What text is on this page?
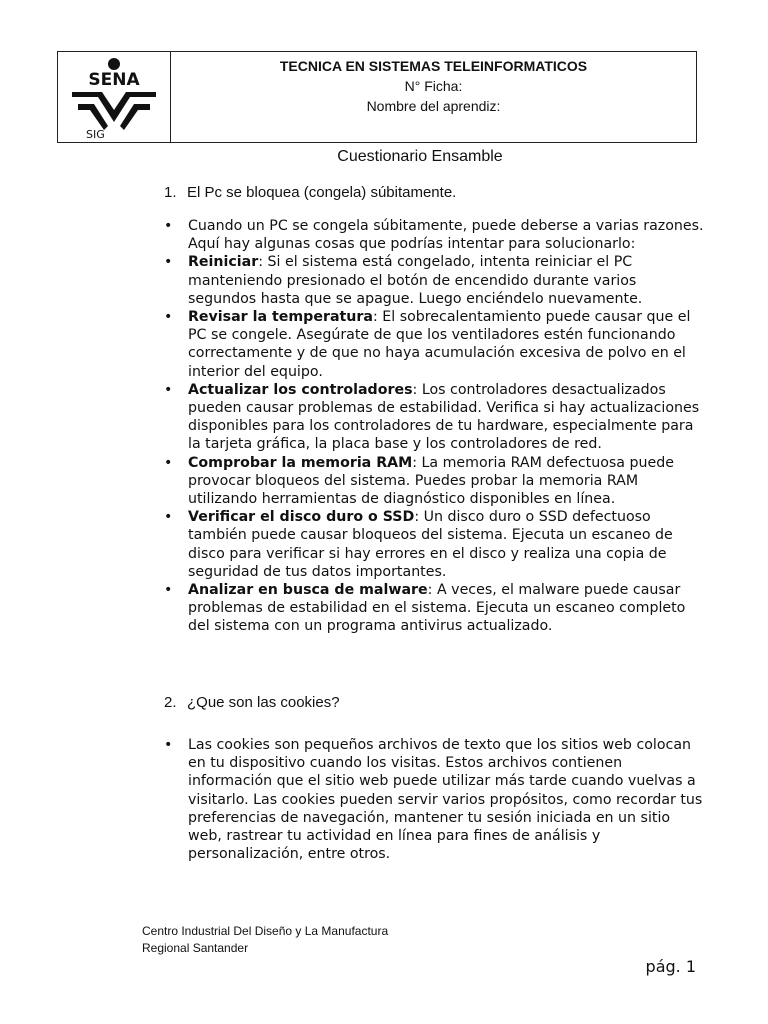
SENA
SIG

TECNICA EN SISTEMAS TELEINFORMATICOS
N° Ficha:
Nombre del aprendiz:
Cuestionario Ensamble
1. El Pc se bloquea (congela) súbitamente.
• Cuando un PC se congela súbitamente, puede deberse a varias razones. Aquí hay algunas cosas que podrías intentar para solucionarlo:
• Reiniciar: Si el sistema está congelado, intenta reiniciar el PC manteniendo presionado el botón de encendido durante varios segundos hasta que se apague. Luego enciéndelo nuevamente.
• Revisar la temperatura: El sobrecalentamiento puede causar que el PC se congele. Asegúrate de que los ventiladores estén funcionando correctamente y de que no haya acumulación excesiva de polvo en el interior del equipo.
• Actualizar los controladores: Los controladores desactualizados pueden causar problemas de estabilidad. Verifica si hay actualizaciones disponibles para los controladores de tu hardware, especialmente para la tarjeta gráfica, la placa base y los controladores de red.
• Comprobar la memoria RAM: La memoria RAM defectuosa puede provocar bloqueos del sistema. Puedes probar la memoria RAM utilizando herramientas de diagnóstico disponibles en línea.
• Verificar el disco duro o SSD: Un disco duro o SSD defectuoso también puede causar bloqueos del sistema. Ejecuta un escaneo de disco para verificar si hay errores en el disco y realiza una copia de seguridad de tus datos importantes.
• Analizar en busca de malware: A veces, el malware puede causar problemas de estabilidad en el sistema. Ejecuta un escaneo completo del sistema con un programa antivirus actualizado.
2. ¿Que son las cookies?
• Las cookies son pequeños archivos de texto que los sitios web colocan en tu dispositivo cuando los visitas. Estos archivos contienen información que el sitio web puede utilizar más tarde cuando vuelvas a visitarlo. Las cookies pueden servir varios propósitos, como recordar tus preferencias de navegación, mantener tu sesión iniciada en un sitio web, rastrear tu actividad en línea para fines de análisis y personalización, entre otros.
Centro Industrial Del Diseño y La Manufactura
Regional Santander
pág. 1
